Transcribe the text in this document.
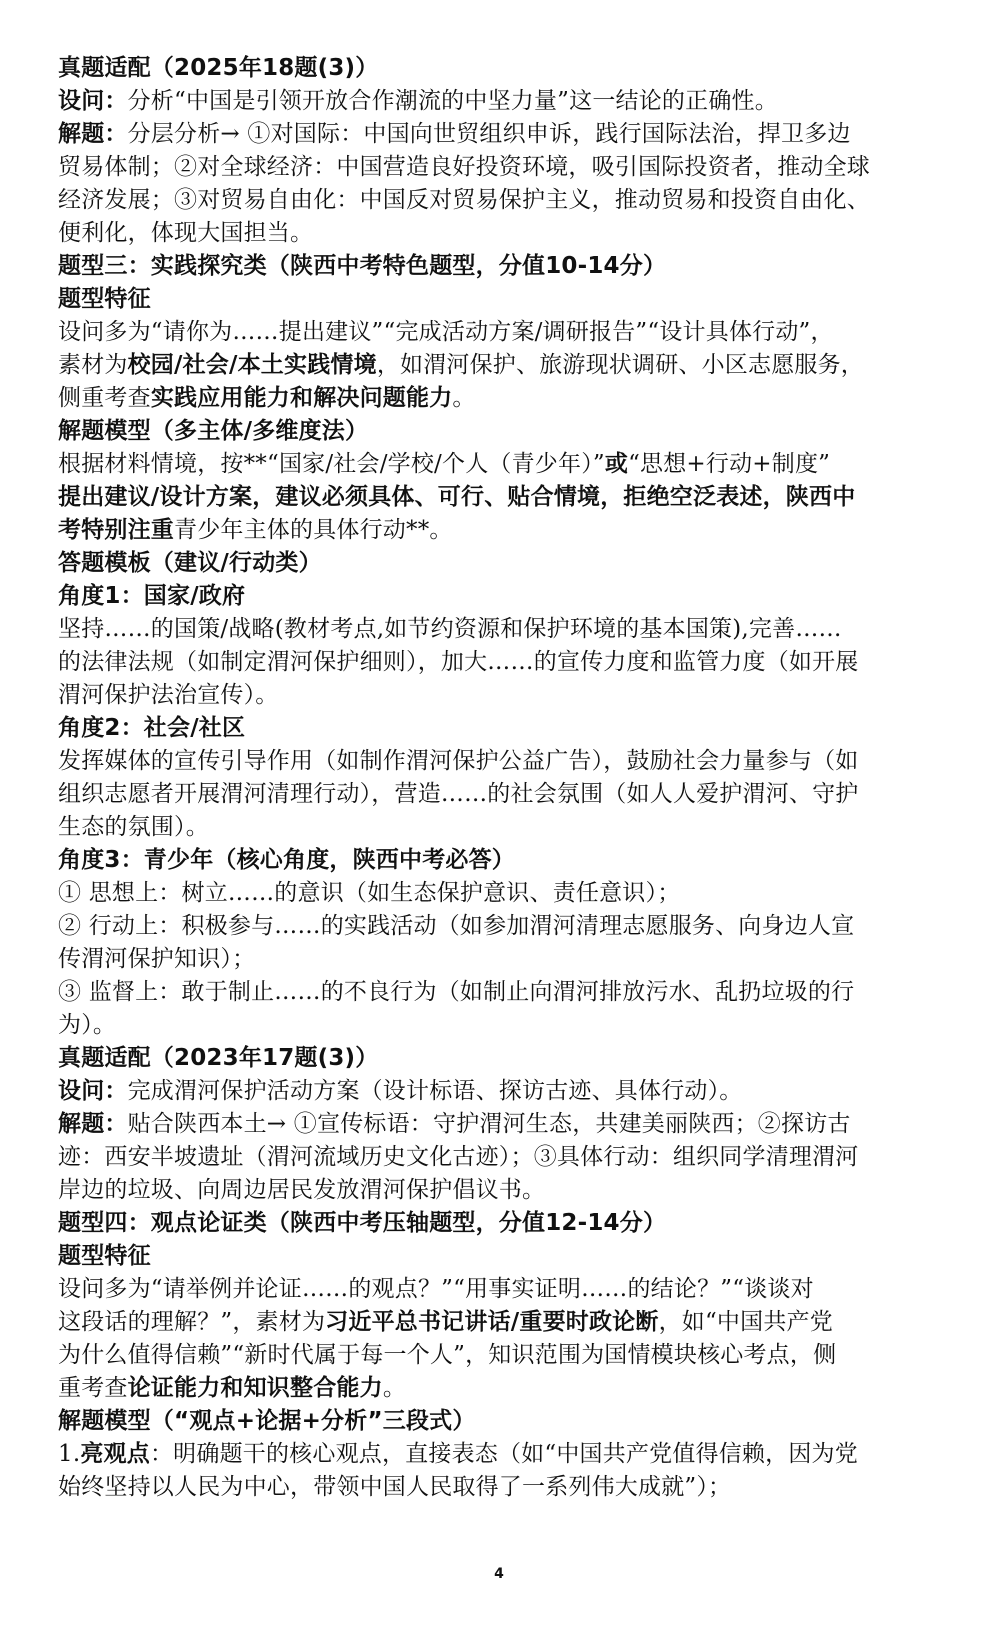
真题适配（2025年18题(3)）

设问：分析“中国是引领开放合作潮流的中坚力量”这一结论的正确性。

解题：分层分析→ ①对国际：中国向世贸组织申诉，践行国际法治，捍卫多边

贸易体制；②对全球经济：中国营造良好投资环境，吸引国际投资者，推动全球

经济发展；③对贸易自由化：中国反对贸易保护主义，推动贸易和投资自由化、

便利化，体现大国担当。

题型三：实践探究类（陕西中考特色题型，分值10-14分）

题型特征

设问多为“请你为……提出建议”“完成活动方案/调研报告”“设计具体行动”，

素材为校园/社会/本土实践情境，如渭河保护、旅游现状调研、小区志愿服务，

侧重考查实践应用能力和解决问题能力。

解题模型（多主体/多维度法）

根据材料情境，按**“国家/社会/学校/个人（青少年）”或“思想+行动+制度”

提出建议/设计方案，建议必须具体、可行、贴合情境，拒绝空泛表述，陕西中

考特别注重青少年主体的具体行动**。

答题模板（建议/行动类）

角度1：国家/政府

坚持……的国策/战略(教材考点,如节约资源和保护环境的基本国策),完善……

的法律法规（如制定渭河保护细则），加大……的宣传力度和监管力度（如开展

渭河保护法治宣传）。

角度2：社会/社区

发挥媒体的宣传引导作用（如制作渭河保护公益广告），鼓励社会力量参与（如

组织志愿者开展渭河清理行动），营造……的社会氛围（如人人爱护渭河、守护

生态的氛围）。

角度3：青少年（核心角度，陕西中考必答）

① 思想上：树立……的意识（如生态保护意识、责任意识）；

② 行动上：积极参与……的实践活动（如参加渭河清理志愿服务、向身边人宣

传渭河保护知识）；

③ 监督上：敢于制止……的不良行为（如制止向渭河排放污水、乱扔垃圾的行

为）。

真题适配（2023年17题(3)）

设问：完成渭河保护活动方案（设计标语、探访古迹、具体行动）。

解题：贴合陕西本土→ ①宣传标语：守护渭河生态，共建美丽陕西；②探访古

迹：西安半坡遗址（渭河流域历史文化古迹）；③具体行动：组织同学清理渭河

岸边的垃圾、向周边居民发放渭河保护倡议书。

题型四：观点论证类（陕西中考压轴题型，分值12-14分）

题型特征

设问多为“请举例并论证……的观点？”“用事实证明……的结论？”“谈谈对

这段话的理解？”，素材为习近平总书记讲话/重要时政论断，如“中国共产党

为什么值得信赖”“新时代属于每一个人”，知识范围为国情模块核心考点，侧

重考查论证能力和知识整合能力。

解题模型（“观点+论据+分析”三段式）

1.亮观点：明确题干的核心观点，直接表态（如“中国共产党值得信赖，因为党

始终坚持以人民为中心，带领中国人民取得了一系列伟大成就”）；

4
